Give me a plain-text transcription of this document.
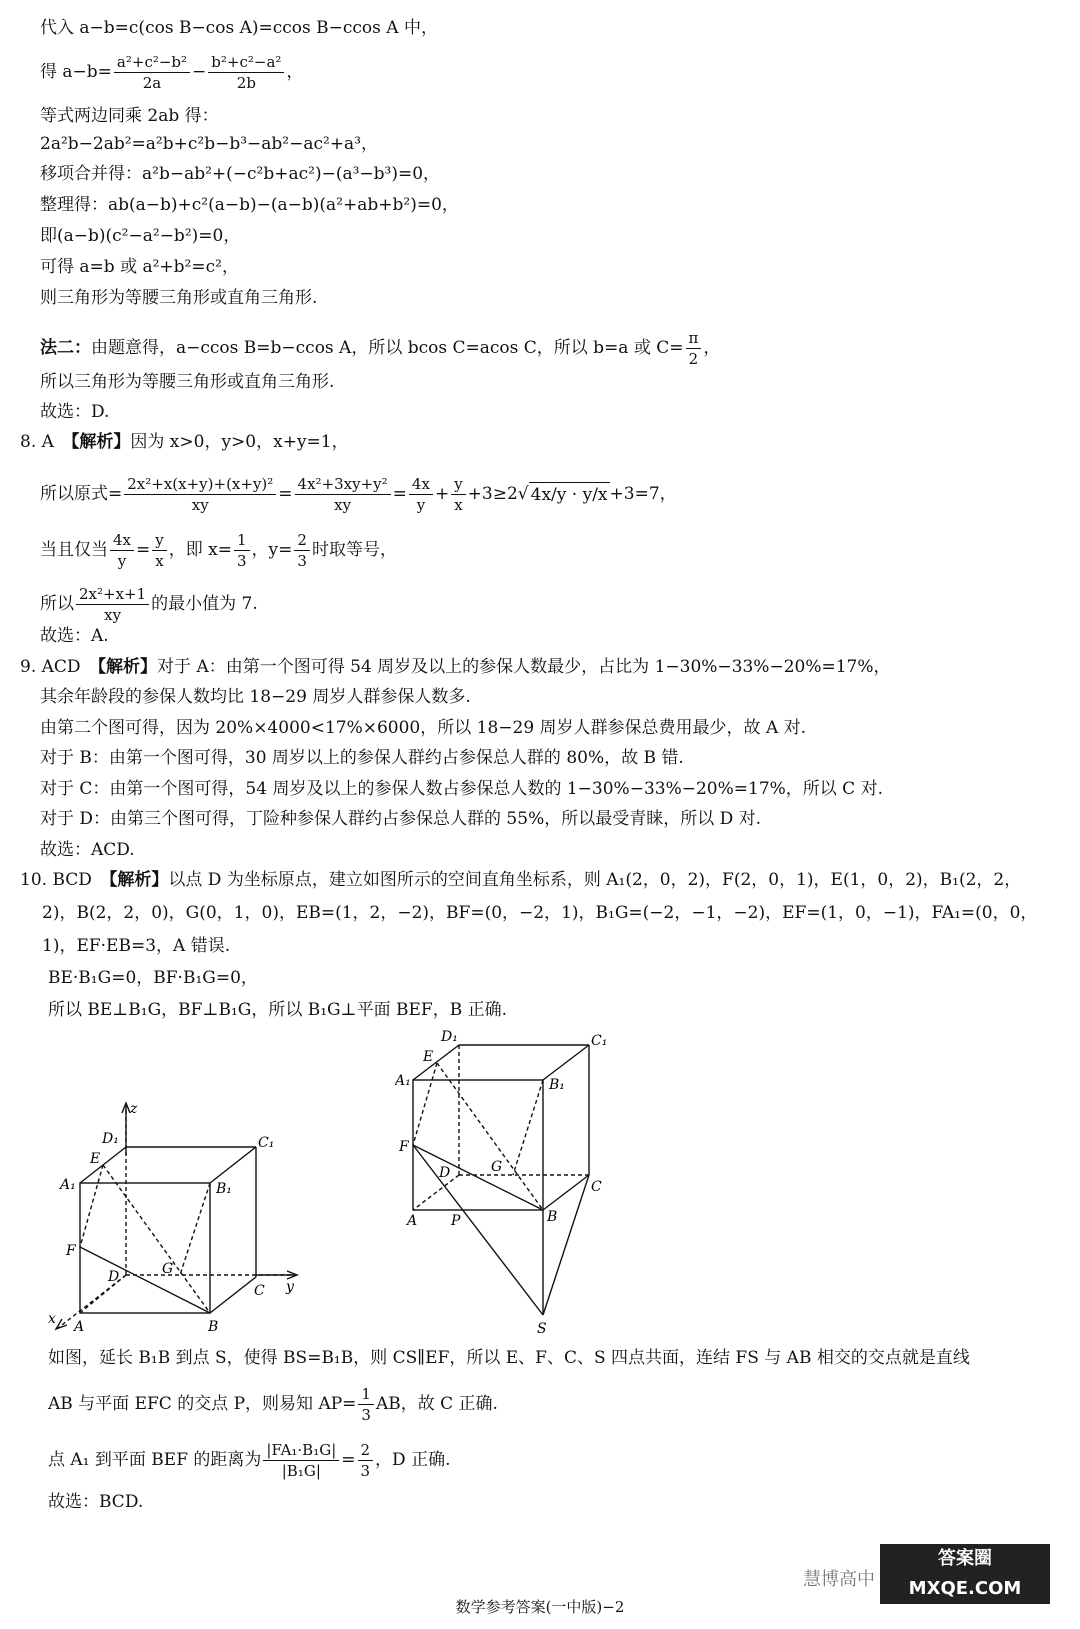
代入 a−b=c(cos B−cos A)=ccos B−ccos A 中，
得 $a-b= \frac{\text{a²+c²−b²}}{2a} - \frac{\text{b²+c²−a²}}{2b}$ ，
等式两边同乘 2ab 得：
2a²b−2ab²=a²b+c²b−b³−ab²−ac²+a³，
移项合并得：a²b−ab²+(−c²b+ac²)−(a³−b³)=0，
整理得：ab(a−b)+c²(a−b)−(a−b)(a²+ab+b²)=0，
即(a−b)(c²−a²−b²)=0，
可得 a=b 或 a²+b²=c²，
则三角形为等腰三角形或直角三角形.
法二：由题意得，a−ccos B=b−ccos A，所以 bcos C=acos C，所以 b=a 或 $C= \frac{\pi}{2}$ ，
所以三角形为等腰三角形或直角三角形.
故选：D.
8. A　【解析】因为 x>0，y>0，x+y=1，
所以原式= $\frac{\text{2x²+x(x+y)+(x+y)²}}{xy} = \frac{\text{4x²+3xy+y²}}{xy} = \frac{4x}{y} + \frac{y}{x} +3\ge 2√$ 4x/y · y/x +3=7，
当且仅当 $\frac{4x}{y} = \frac{y}{x}$ ，即 $x= \frac{1}{3}$ ，$y= \frac{2}{3}$ 时取等号，
所以 $\frac{\text{2x²+x+1}}{xy}$ 的最小值为 7.
故选：A.
9. ACD　【解析】对于 A：由第一个图可得 54 周岁及以上的参保人数最少，占比为 1−30%−33%−20%=17%，
其余年龄段的参保人数均比 18−29 周岁人群参保人数多.
由第二个图可得，因为 20%×4000<17%×6000，所以 18−29 周岁人群参保总费用最少，故 A 对.
对于 B：由第一个图可得，30 周岁以上的参保人群约占参保总人群的 80%，故 B 错.
对于 C：由第一个图可得，54 周岁及以上的参保人数占参保总人数的 1−30%−33%−20%=17%，所以 C 对.
对于 D：由第三个图可得，丁险种参保人群约占参保总人群的 55%，所以最受青睐，所以 D 对.
故选：ACD.
10. BCD　【解析】以点 D 为坐标原点，建立如图所示的空间直角坐标系，则 A₁(2，0，2)，F(2，0，1)，E(1，0，2)，B₁(2，2，
2)，B(2，2，0)，G(0，1，0)，EB=(1，2，−2)，BF=(0，−2，1)，B₁G=(−2，−1，−2)，EF=(1，0，−1)，FA₁=(0，0，
1)，EF·EB=3，A 错误.
BE·B₁G=0，BF·B₁G=0，
所以 BE⊥B₁G，BF⊥B₁G，所以 B₁G⊥平面 BEF，B 正确.
z
y
x
D₁	C₁
E
A₁	B₁
F
D	G
C
A	B
D₁	C₁
E
A₁	B₁
F
D	G
C
A P	B
S
如图，延长 B₁B 到点 S，使得 BS=B₁B，则 CS∥EF，所以 E、F、C、S 四点共面，连结 FS 与 AB 相交的交点就是直线
AB 与平面 EFC 的交点 P，则易知 $AP= \frac{1}{3}$ AB，故 C 正确.
点 A₁ 到平面 BEF 的距离为 $\frac{\text{|FA₁·B₁G|}}{\text{|B₁G|}} = \frac{2}{3}$ ，D 正确.
故选：BCD.
数学参考答案(一中版)−2
慧博高中
答案圈
MXQE.COM
